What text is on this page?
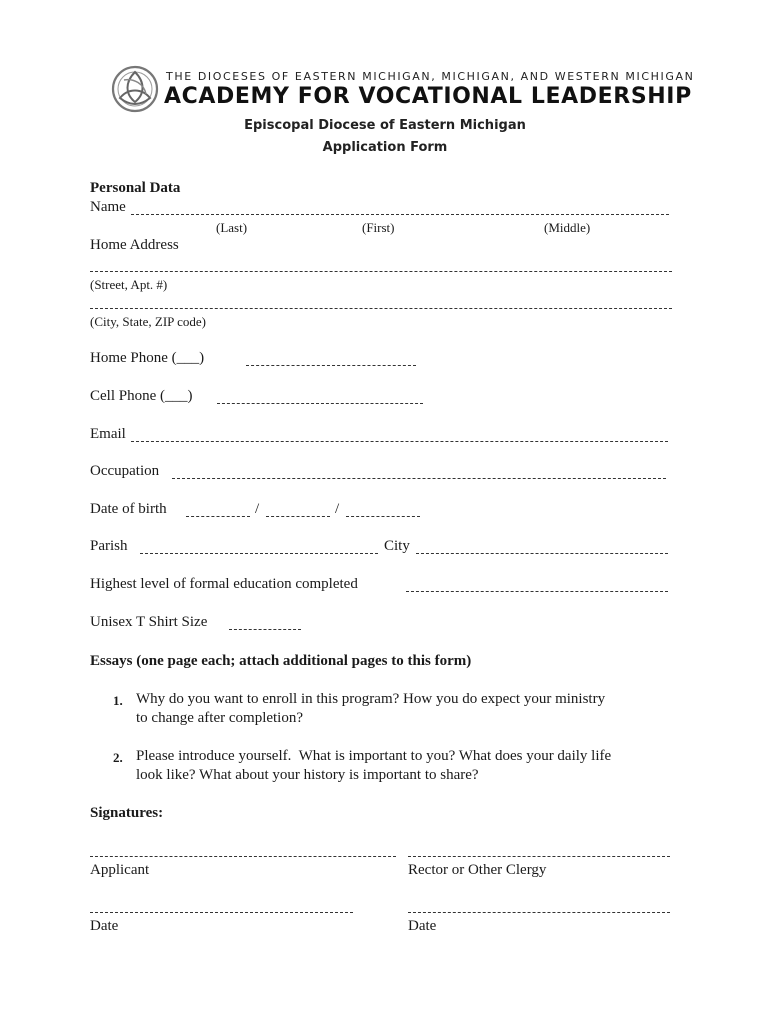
THE DIOCESES OF EASTERN MICHIGAN, MICHIGAN, AND WESTERN MICHIGAN
ACADEMY FOR VOCATIONAL LEADERSHIP
Episcopal Diocese of Eastern Michigan
Application Form
Personal Data
Name
(Last)	(First)	(Middle)
Home Address
(Street, Apt. #)
(City, State, ZIP code)
Home Phone (___)
Cell Phone (___)
Email
Occupation
Date of birth	/	/
Parish	City
Highest level of formal education completed
Unisex T Shirt Size
Essays (one page each; attach additional pages to this form)
1. Why do you want to enroll in this program? How you do expect your ministry
to change after completion?
2. Please introduce yourself.  What is important to you? What does your daily life
look like? What about your history is important to share?
Signatures:
Applicant	Rector or Other Clergy
Date	Date
